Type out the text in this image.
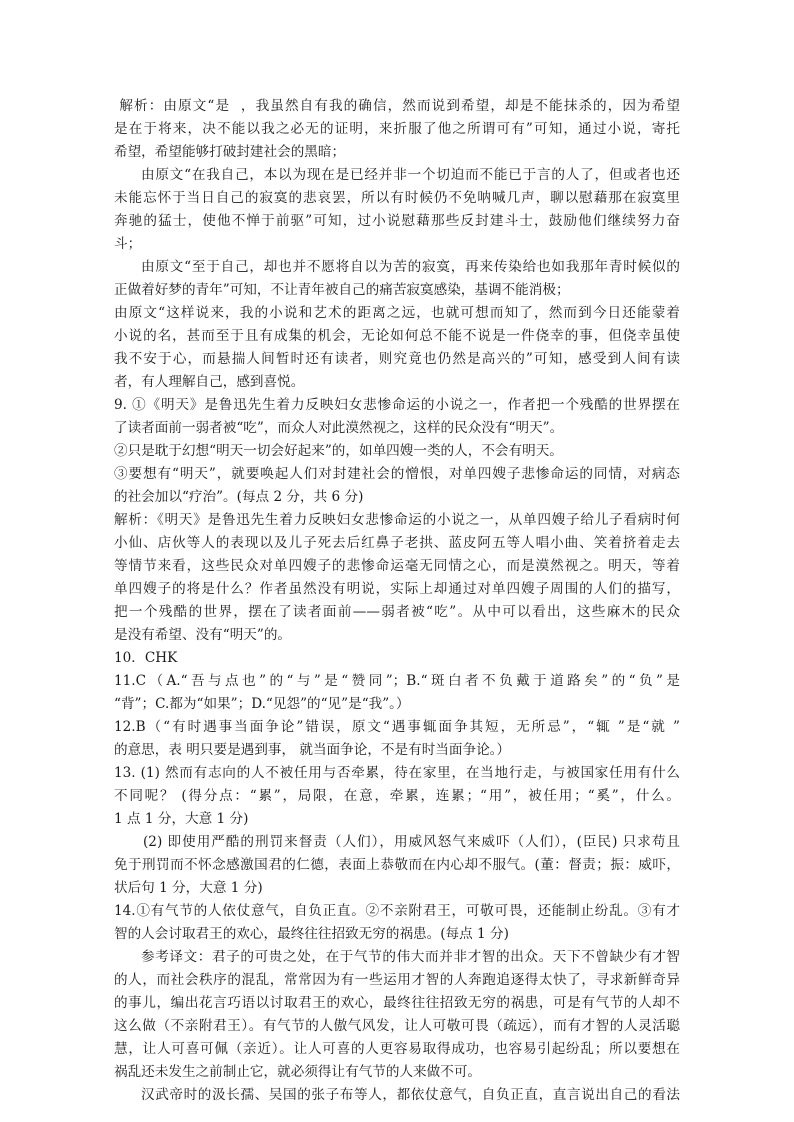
解析：由原文“是  ，我虽然自有我的确信，然而说到希望，却是不能抹杀的，因为希望
是在于将来，决不能以我之必无的证明，来折服了他之所谓可有”可知，通过小说，寄托
希望，希望能够打破封建社会的黑暗；
由原文“在我自己，本以为现在是已经并非一个切迫而不能已于言的人了，但或者也还
未能忘怀于当日自己的寂寞的悲哀罢，所以有时候仍不免呐喊几声，聊以慰藉那在寂寞里
奔驰的猛士，使他不惮于前驱”可知，过小说慰藉那些反封建斗士，鼓励他们继续努力奋
斗；
由原文“至于自己，却也并不愿将自以为苦的寂寞，再来传染给也如我那年青时候似的
正做着好梦的青年”可知，不让青年被自己的痛苦寂寞感染，基调不能消极；
由原文“这样说来，我的小说和艺术的距离之远，也就可想而知了，然而到今日还能蒙着
小说的名，甚而至于且有成集的机会，无论如何总不能不说是一件侥幸的事，但侥幸虽使
我不安于心，而悬揣人间暂时还有读者，则究竟也仍然是高兴的”可知，感受到人间有读
者，有人理解自己，感到喜悦。
9. ①《明天》是鲁迅先生着力反映妇女悲惨命运的小说之一，作者把一个残酷的世界摆在
了读者面前一弱者被“吃”，而众人对此漠然视之，这样的民众没有“明天”。
②只是耽于幻想“明天一切会好起来”的，如单四嫂一类的人，不会有明天。
③要想有“明天”，就要唤起人们对封建社会的憎恨，对单四嫂子悲惨命运的同情，对病态
的社会加以“疗治”。(每点 2 分，共 6 分)
解析：《明天》是鲁迅先生着力反映妇女悲惨命运的小说之一，从单四嫂子给儿子看病时何
小仙、店伙等人的表现以及儿子死去后红鼻子老拱、蓝皮阿五等人唱小曲、笑着挤着走去
等情节来看，这些民众对单四嫂子的悲惨命运毫无同情之心，而是漠然视之。明天，等着
单四嫂子的将是什么？作者虽然没有明说，实际上却通过对单四嫂子周围的人们的描写，
把一个残酷的世界，摆在了读者面前——弱者被“吃”。从中可以看出，这些麻木的民众
是没有希望、没有“明天”的。
10．CHK
11.C（A.“吾与点也”的“与”是“赞同”；B.“斑白者不负戴于道路矣”的“负”是
“背”；C.都为“如果”；D.“见怨”的“见”是“我”。）
12.B（“有时遇事当面争论”错误，原文“遇事辄面争其短，无所忌”，“辄 ”是“就 ”
的意思，表 明只要是遇到事， 就当面争论，不是有时当面争论。）
13. (1) 然而有志向的人不被任用与否牵累，待在家里，在当地行走，与被国家任用有什么
不同呢？ (得分点：“累”，局限，在意，牵累，连累；“用”，被任用；“奚”，什么。
1 点 1 分，大意 1 分)
(2) 即使用严酷的刑罚来督责（人们），用威风怒气来威吓（人们），(臣民) 只求苟且
免于刑罚而不怀念感激国君的仁德，表面上恭敬而在内心却不服气。(董：督责；振：威吓，
状后句 1 分，大意 1 分)
14.①有气节的人依仗意气，自负正直。②不亲附君王，可敬可畏，还能制止纷乱。③有才
智的人会讨取君王的欢心，最终往往招致无穷的祸患。(每点 1 分)
参考译文：君子的可贵之处，在于气节的伟大而并非才智的出众。天下不曾缺少有才智
的人，而社会秩序的混乱，常常因为有一些运用才智的人奔跑追逐得太快了，寻求新鲜奇异
的事儿，编出花言巧语以讨取君王的欢心，最终往往招致无穷的祸患，可是有气节的人却不
这么做（不亲附君王）。有气节的人傲气风发，让人可敬可畏（疏远），而有才智的人灵活聪
慧，让人可喜可佩（亲近）。让人可喜的人更容易取得成功，也容易引起纷乱；所以要想在
祸乱还未发生之前制止它，就必须得让有气节的人来做不可。
汉武帝时的汲长孺、吴国的张子布等人，都依仗意气，自负正直，直言说出自己的看法
